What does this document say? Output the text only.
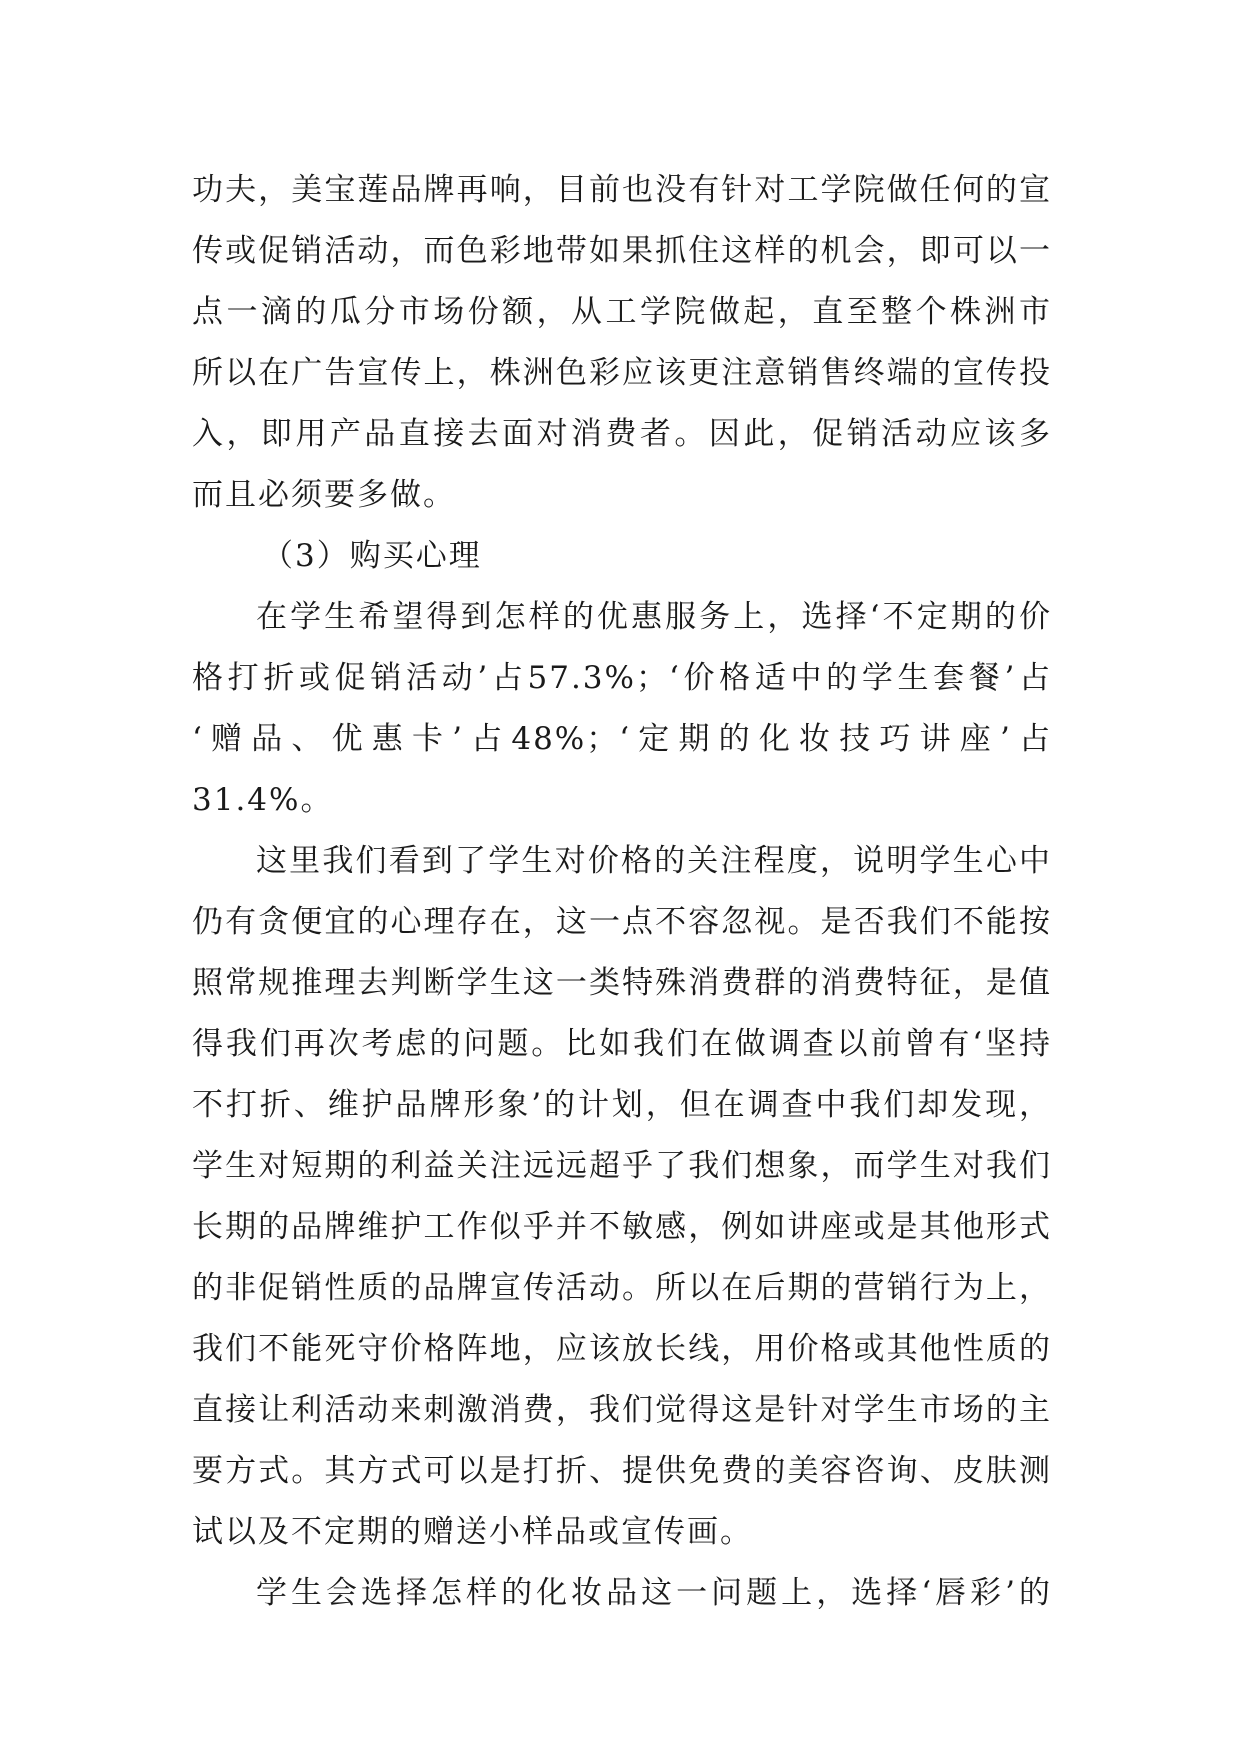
功夫，美宝莲品牌再响，目前也没有针对工学院做任何的宣
传或促销活动，而色彩地带如果抓住这样的机会，即可以一
点一滴的瓜分市场份额，从工学院做起，直至整个株洲市
所以在广告宣传上，株洲色彩应该更注意销售终端的宣传投
入，即用产品直接去面对消费者。因此，促销活动应该多
而且必须要多做。
（3）购买心理
在学生希望得到怎样的优惠服务上，选择‘不定期的价
格打折或促销活动’占57.3%；‘价格适中的学生套餐’占
‘赠品、优惠卡’占48%；‘定期的化妆技巧讲座’占
31.4%。
这里我们看到了学生对价格的关注程度，说明学生心中
仍有贪便宜的心理存在，这一点不容忽视。是否我们不能按
照常规推理去判断学生这一类特殊消费群的消费特征，是值
得我们再次考虑的问题。比如我们在做调查以前曾有‘坚持
不打折、维护品牌形象’的计划，但在调查中我们却发现，
学生对短期的利益关注远远超乎了我们想象，而学生对我们
长期的品牌维护工作似乎并不敏感，例如讲座或是其他形式
的非促销性质的品牌宣传活动。所以在后期的营销行为上，
我们不能死守价格阵地，应该放长线，用价格或其他性质的
直接让利活动来刺激消费，我们觉得这是针对学生市场的主
要方式。其方式可以是打折、提供免费的美容咨询、皮肤测
试以及不定期的赠送小样品或宣传画。
学生会选择怎样的化妆品这一问题上，选择‘唇彩’的
